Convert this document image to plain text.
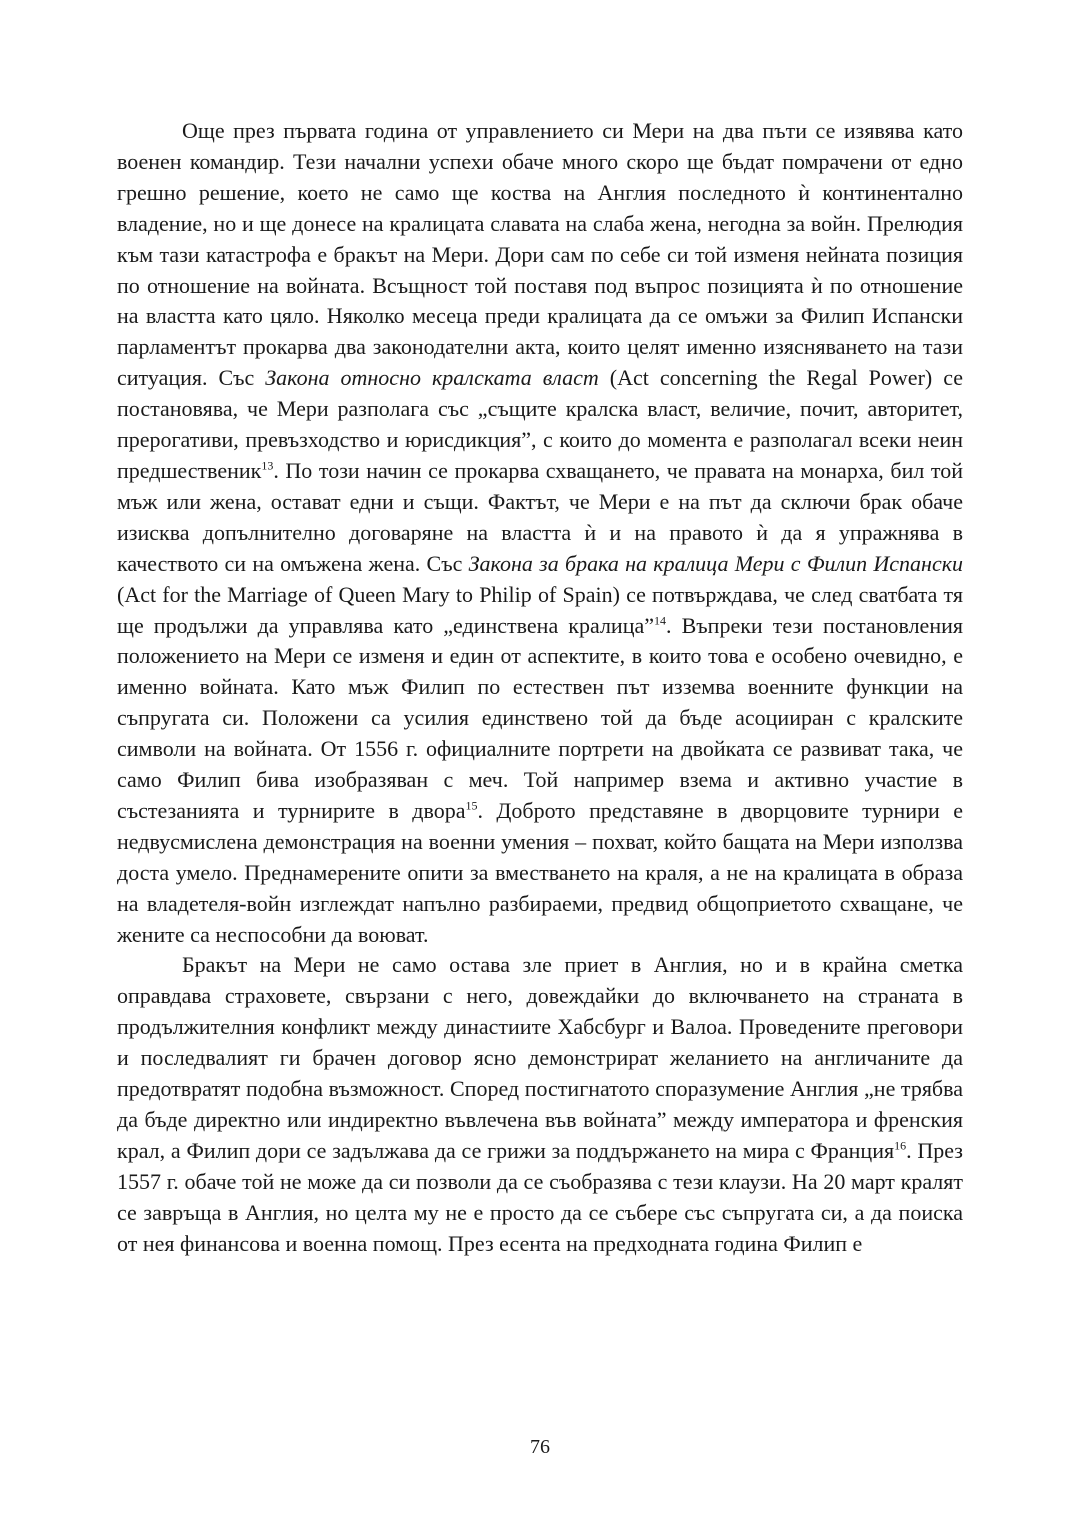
Още през първата година от управлението си Мери на два пъти се изявява като военен командир. Тези начални успехи обаче много скоро ще бъдат помрачени от едно грешно решение, което не само ще коства на Англия последното ѝ континентално владение, но и ще донесе на кралицата славата на слаба жена, негодна за войн. Прелюдия към тази катастрофа е бракът на Мери. Дори сам по себе си той изменя нейната позиция по отношение на войната. Всъщност той поставя под въпрос позицията ѝ по отношение на властта като цяло. Няколко месеца преди кралицата да се омъжи за Филип Испански парламентът прокарва два законодателни акта, които целят именно изясняването на тази ситуация. Със Закона относно кралската власт (Act concerning the Regal Power) се постановява, че Мери разполага със „същите кралска власт, величие, почит, авторитет, прерогативи, превъзходство и юрисдикция”, с които до момента е разполагал всеки неин предшественик$^{13}$. По този начин се прокарва схващането, че правата на монарха, бил той мъж или жена, остават едни и същи. Фактът, че Мери е на път да сключи брак обаче изисква допълнително договаряне на властта ѝ и на правото ѝ да я упражнява в качеството си на омъжена жена. Със Закона за брака на кралица Мери с Филип Испански (Act for the Marriage of Queen Mary to Philip of Spain) се потвърждава, че след сватбата тя ще продължи да управлява като „единствена кралица”$^{14}$. Въпреки тези постановления положението на Мери се изменя и един от аспектите, в които това е особено очевидно, е именно войната. Като мъж Филип по естествен път изземва военните функции на съпругата си. Положени са усилия единствено той да бъде асоцииран с кралските символи на войната. От 1556 г. официалните портрети на двойката се развиват така, че само Филип бива изобразяван с меч. Той например взема и активно участие в състезанията и турнирите в двора$^{15}$. Доброто представяне в дворцовите турнири е недвусмислена демонстрация на военни умения – похват, който бащата на Мери използва доста умело. Преднамерените опити за вместването на краля, а не на кралицата в образа на владетеля-войн изглеждат напълно разбираеми, предвид общоприетото схващане, че жените са неспособни да воюват.

Бракът на Мери не само остава зле приет в Англия, но и в крайна сметка оправдава страховете, свързани с него, довеждайки до включването на страната в продължителния конфликт между династиите Хабсбург и Валоа. Проведените преговори и последвалият ги брачен договор ясно демонстрират желанието на англичаните да предотвратят подобна възможност. Според постигнатото споразумение Англия „не трябва да бъде директно или индиректно въвлечена във войната” между императора и френския крал, а Филип дори се задължава да се грижи за поддържането на мира с Франция$^{16}$. През 1557 г. обаче той не може да си позволи да се съобразява с тези клаузи. На 20 март кралят се завръща в Англия, но целта му не е просто да се събере със съпругата си, а да поиска от нея финансова и военна помощ. През есента на предходната година Филип е

76
